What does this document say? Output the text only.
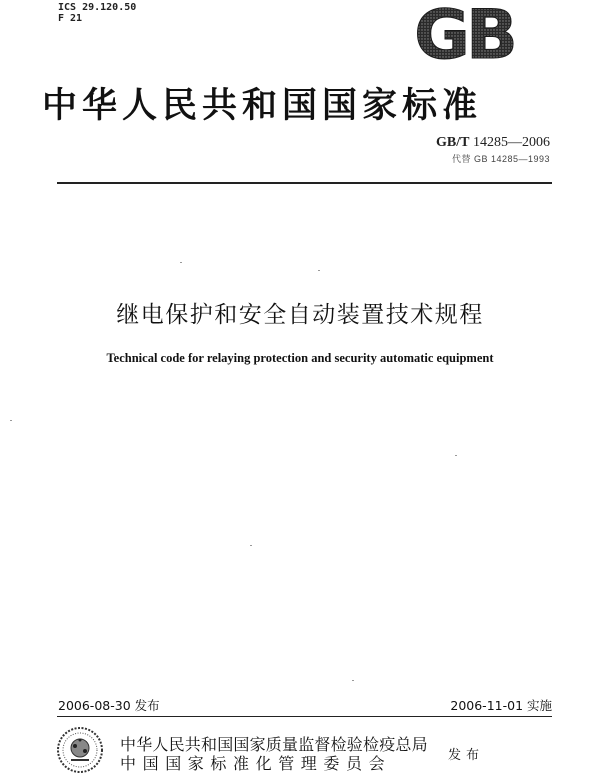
ICS 29.120.50
F 21	GB
中华人民共和国国家标准
GB/T 14285—2006
代替 GB 14285—1993
继电保护和安全自动装置技术规程
Technical code for relaying protection and security automatic equipment
2006-08-30 发布	2006-11-01 实施
中华人民共和国国家质量监督检验检疫总局
中国国家标准化管理委员会	发布
